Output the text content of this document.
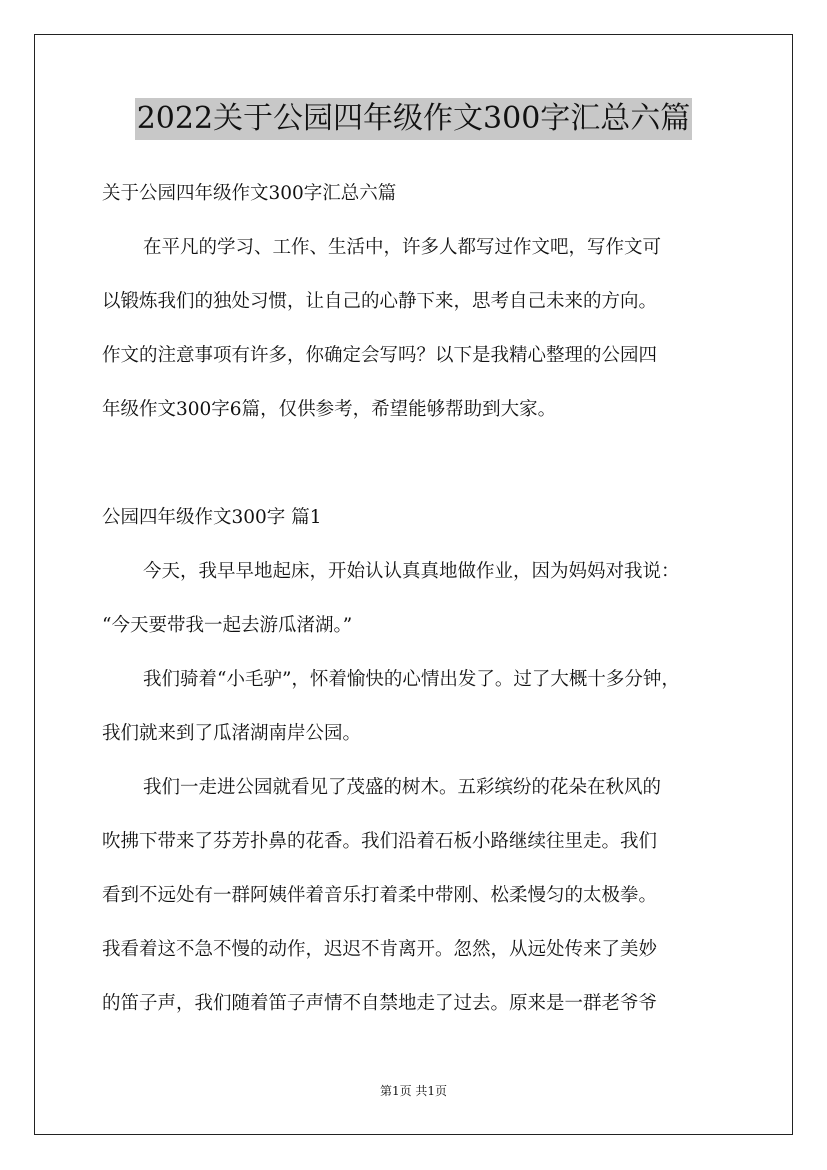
2022关于公园四年级作文300字汇总六篇
关于公园四年级作文300字汇总六篇
在平凡的学习、工作、生活中，许多人都写过作文吧，写作文可
以锻炼我们的独处习惯，让自己的心静下来，思考自己未来的方向。
作文的注意事项有许多，你确定会写吗？以下是我精心整理的公园四
年级作文300字6篇，仅供参考，希望能够帮助到大家。
公园四年级作文300字 篇1
今天，我早早地起床，开始认认真真地做作业，因为妈妈对我说：
“今天要带我一起去游瓜渚湖。”
我们骑着“小毛驴”，怀着愉快的心情出发了。过了大概十多分钟，
我们就来到了瓜渚湖南岸公园。
我们一走进公园就看见了茂盛的树木。五彩缤纷的花朵在秋风的
吹拂下带来了芬芳扑鼻的花香。我们沿着石板小路继续往里走。我们
看到不远处有一群阿姨伴着音乐打着柔中带刚、松柔慢匀的太极拳。
我看着这不急不慢的动作，迟迟不肯离开。忽然，从远处传来了美妙
的笛子声，我们随着笛子声情不自禁地走了过去。原来是一群老爷爷
第1页 共1页
